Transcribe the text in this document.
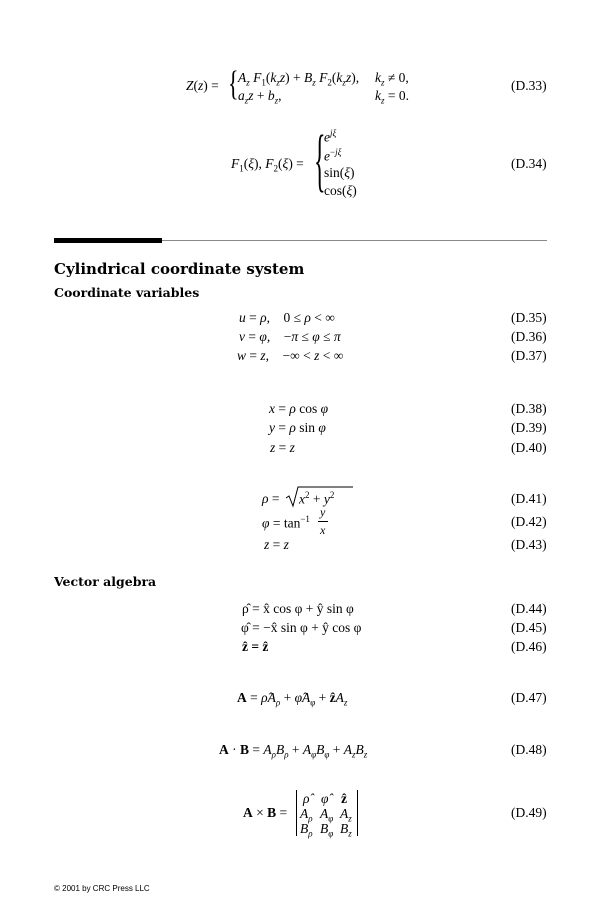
Z(z) = { $A_z$ $F_1(k_zz) + B_z$ $F_2(k_zz)$, $k_z \ne 0$,
$a_zz + b_z$,	$k_z = 0$.
(D.33)
$F_1(\xi)$, $F_2(\xi)$ = {
$e^{j\xi}$
$e^{-j\xi}$
sin(ξ)
cos(ξ)
(D.34)
Cylindrical coordinate system
Coordinate variables
u = ρ,    0 ≤ ρ < ∞	(D.35)
v = φ,    −π ≤ φ ≤ π	(D.36)
w = z,    −∞ < z < ∞	(D.37)
x = ρ cos φ	(D.38)
y = ρ sin φ	(D.39)
z = z	(D.40)
$\rho = x^2 + y^2$	(D.41)
$\varphi = \tan^{-1} y$
x
(D.42)
z = z	(D.43)
Vector algebra
ρ̂ = x̂ cos φ + ŷ sin φ	(D.44)
φ̂ = −x̂ sin φ + ŷ cos φ	(D.45)
ẑ = ẑ	(D.46)
$A = \rhôA_\rho$ + $\varphîA_\varphi$ + ẑA$_z$	(D.47)
$A \cdot B = A_\rho B_\rho + A_\varphi B_\varphi + A_zB_z$	(D.48)
A × B =
ρ̂ φ̂ ẑ
$A_\rho$ $A_\varphi$ $A_z$
$B_\rho$ $B_\varphi$ $B_z$
(D.49)
© 2001 by CRC Press LLC
